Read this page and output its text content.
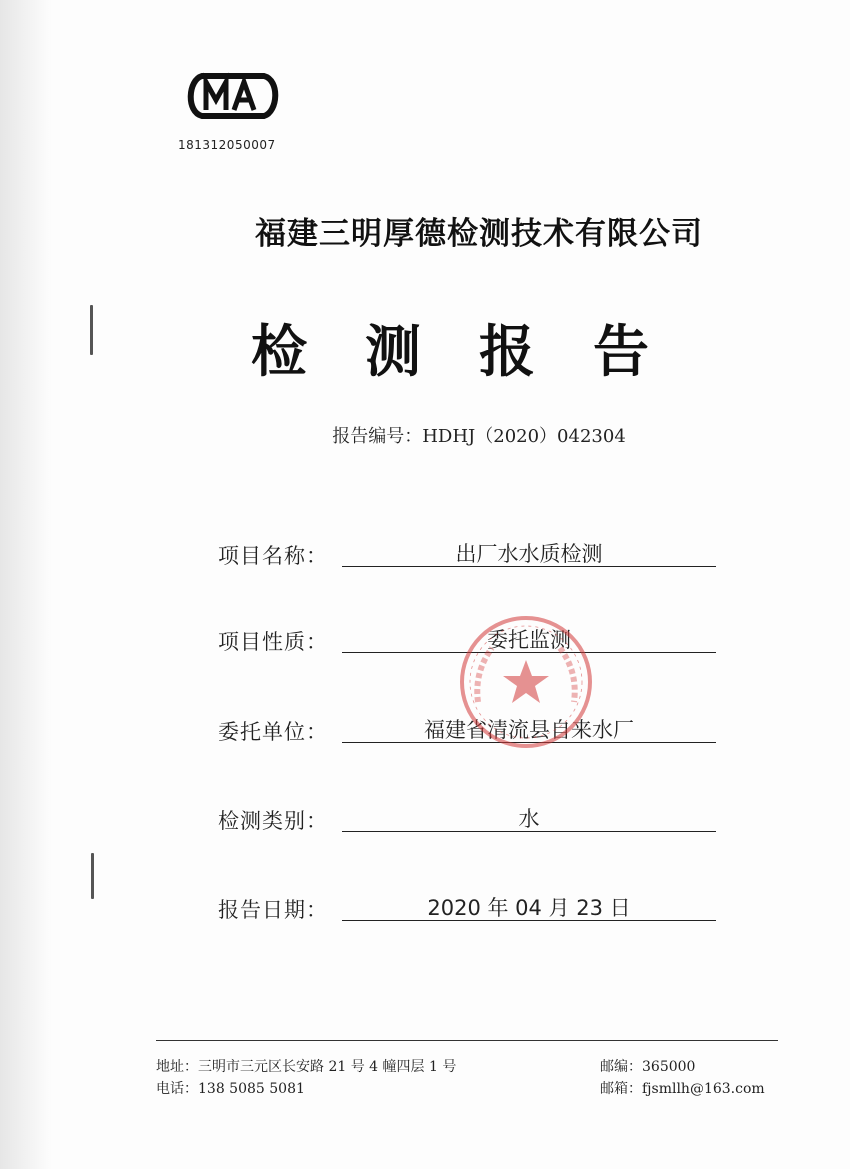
181312050007
福建三明厚德检测技术有限公司
检测报告
报告编号：HDHJ（2020）042304
项目名称：	出厂水水质检测
项目性质：	委托监测
委托单位：	福建省清流县自来水厂
检测类别：	水
报告日期：	2020 年 04 月 23 日
地址：三明市三元区长安路 21 号 4 幢四层 1 号
电话：138 5085 5081
邮编：365000
邮箱：fjsmllh@163.com
